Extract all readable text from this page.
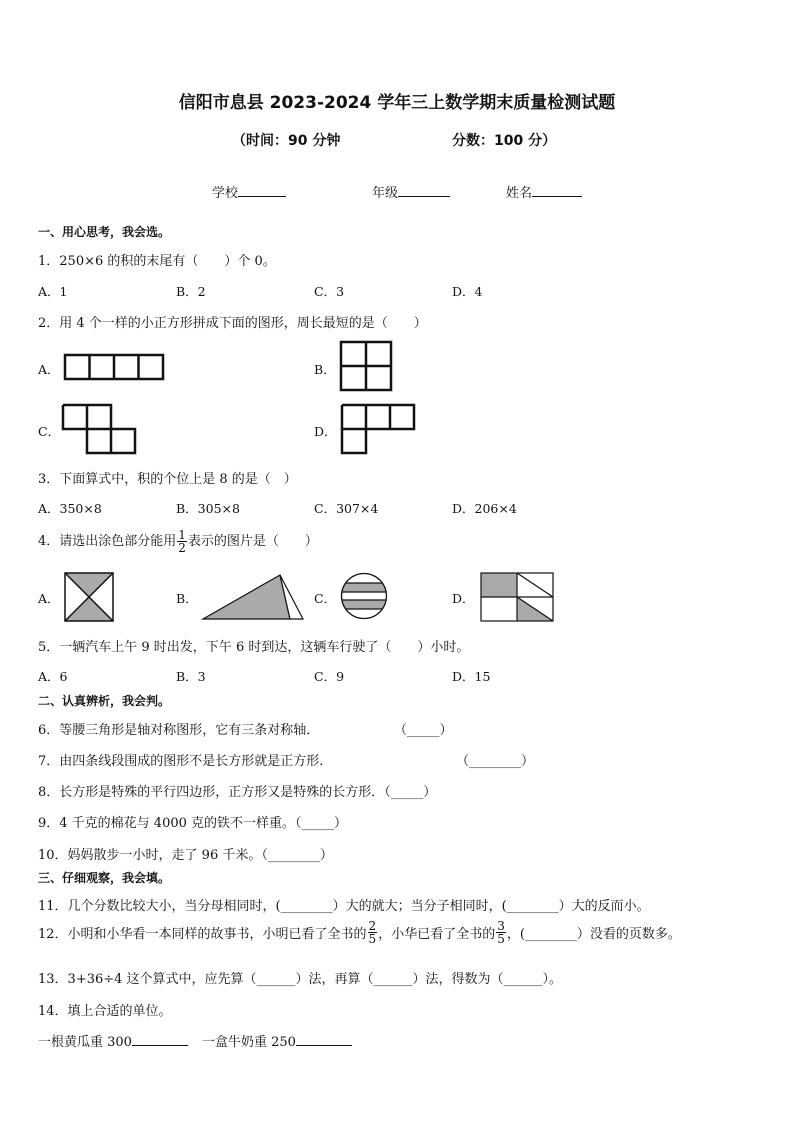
信阳市息县 2023-2024 学年三上数学期末质量检测试题
（时间：90 分钟	分数：100 分）
学校	年级	姓名
一、用心思考，我会选。
1．250×6 的积的末尾有（　　）个 0。
A．1	B．2	C．3	D．4
2．用 4 个一样的小正方形拼成下面的图形，周长最短的是（　　）
A．	B．
C．	D．
3．下面算式中，积的个位上是 8 的是（　）
A．350×8	B．305×8	C．307×4	D．206×4
4．请选出涂色部分能用 $\frac{1}{2}$ 表示的图片是（　　）
A．	B．	C．	D．
5．一辆汽车上午 9 时出发，下午 6 时到达，这辆车行驶了（　　）小时。
A．6	B．3	C．9	D．15
二、认真辨析，我会判。
6．等腰三角形是轴对称图形，它有三条对称轴．	（_____）
7．由四条线段围成的图形不是长方形就是正方形．	（________）
8．长方形是特殊的平行四边形，正方形又是特殊的长方形．（_____）
9．4 千克的棉花与 4000 克的铁不一样重。（_____）
10．妈妈散步一小时，走了 96 千米。（________）
三、仔细观察，我会填。
11．几个分数比较大小，当分母相同时，(________）大的就大；当分子相同时，(________）大的反而小。
12．小明和小华看一本同样的故事书，小明已看了全书的 $\frac{2}{5}$ ，小华已看了全书的 $\frac{3}{5}$ ，(________）没看的页数多。
13．3+36÷4 这个算式中，应先算（______）法，再算（______）法，得数为（______）。
14．填上合适的单位。
一根黄瓜重 300	一盒牛奶重 250
